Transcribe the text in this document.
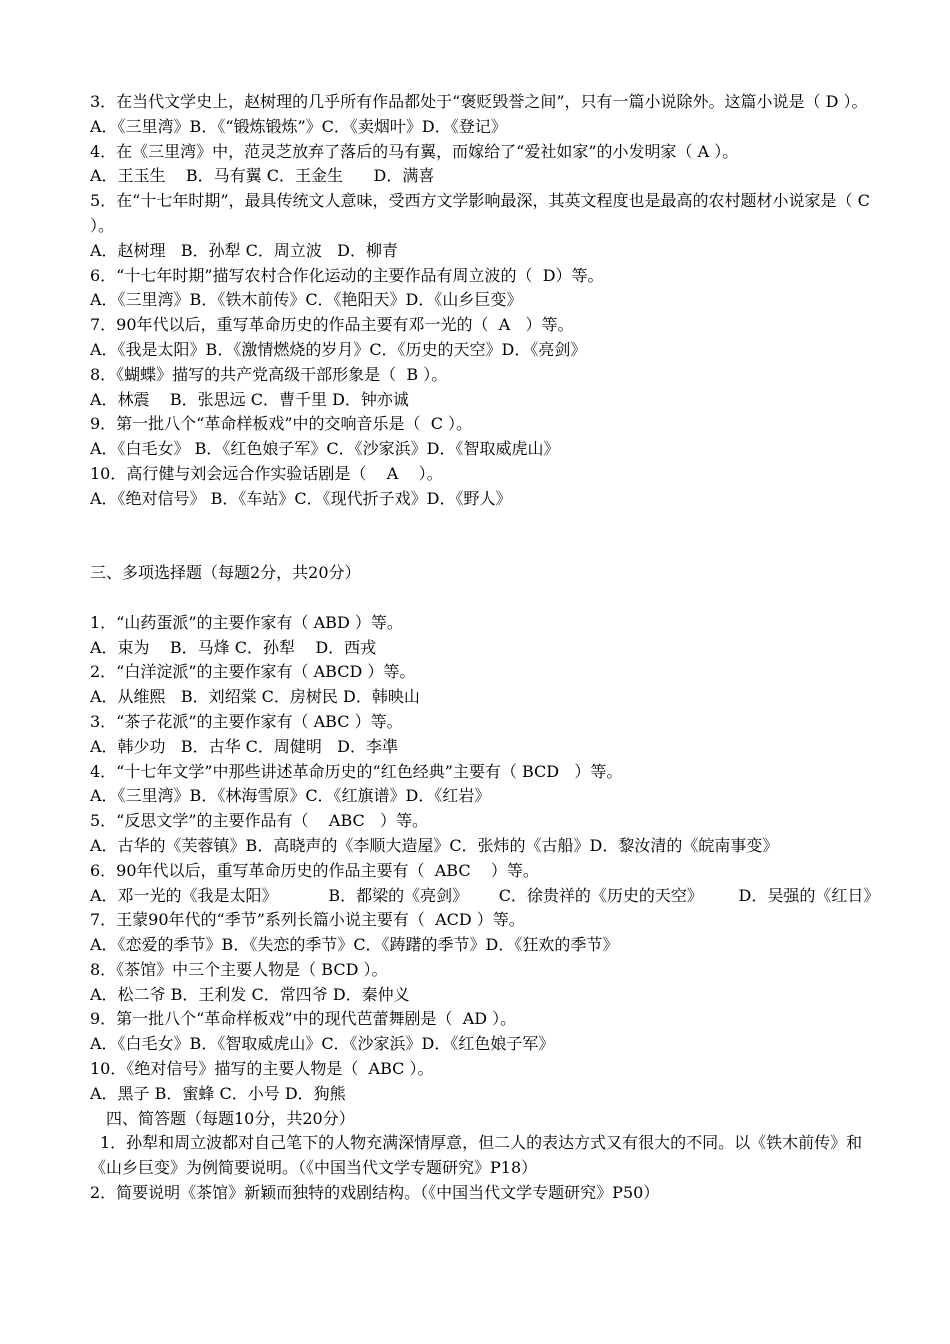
3．在当代文学史上，赵树理的几乎所有作品都处于“褒贬毁誉之间”，只有一篇小说除外。这篇小说是（ D ）。
A．《三里湾》B．《“锻炼锻炼”》C．《卖烟叶》D．《登记》
4．在《三里湾》中，范灵芝放弃了落后的马有翼，而嫁给了“爱社如家”的小发明家（ A ）。
A．王玉生    B．马有翼 C．王金生      D．满喜
5．在“十七年时期”，最具传统文人意味，受西方文学影响最深，其英文程度也是最高的农村题材小说家是（ C   ）。
A．赵树理   B．孙犁 C．周立波   D．柳青
6．“十七年时期”描写农村合作化运动的主要作品有周立波的（  D）等。
A．《三里湾》B．《铁木前传》C．《艳阳天》D．《山乡巨变》
7．90年代以后，重写革命历史的作品主要有邓一光的（  A   ）等。
A．《我是太阳》B．《激情燃烧的岁月》C．《历史的天空》D．《亮剑》
8．《蝴蝶》描写的共产党高级干部形象是（  B ）。
A．林震    B．张思远 C．曹千里 D．钟亦诚
9．第一批八个“革命样板戏”中的交响音乐是（  C ）。
A．《白毛女》 B．《红色娘子军》C．《沙家浜》D．《智取威虎山》
10．高行健与刘会远合作实验话剧是（    A    ）。
A．《绝对信号》 B．《车站》C．《现代折子戏》D．《野人》
三、多项选择题（每题2分，共20分）
1．“山药蛋派”的主要作家有（ ABD ）等。
A．束为    B．马烽 C．孙犁    D．西戎
2．“白洋淀派”的主要作家有（ ABCD ）等。
A．从维熙   B．刘绍棠 C．房树民 D．韩映山
3．“茶子花派”的主要作家有（ ABC ）等。
A．韩少功   B．古华 C．周健明   D．李凖
4．“十七年文学”中那些讲述革命历史的“红色经典”主要有（ BCD   ）等。
A．《三里湾》B．《林海雪原》C．《红旗谱》D．《红岩》
5．“反思文学”的主要作品有（    ABC   ）等。
A．古华的《芙蓉镇》B．高晓声的《李顺大造屋》C．张炜的《古船》D．黎汝清的《皖南事变》
6．90年代以后，重写革命历史的作品主要有（  ABC    ）等。
A．邓一光的《我是太阳》          B．都梁的《亮剑》      C．徐贵祥的《历史的天空》       D．吴强的《红日》
7．王蒙90年代的“季节”系列长篇小说主要有（  ACD ）等。
A．《恋爱的季节》B．《失恋的季节》C．《踌躇的季节》D．《狂欢的季节》
8．《茶馆》中三个主要人物是（ BCD ）。
A．松二爷 B．王利发 C．常四爷 D．秦仲义
9．第一批八个“革命样板戏”中的现代芭蕾舞剧是（  AD ）。
A．《白毛女》B．《智取威虎山》C．《沙家浜》D．《红色娘子军》
10．《绝对信号》描写的主要人物是（  ABC ）。
A．黑子 B．蜜蜂 C．小号 D．狗熊
四、简答题（每题10分，共20分）
1．孙犁和周立波都对自己笔下的人物充满深情厚意，但二人的表达方式又有很大的不同。以《铁木前传》和《山乡巨变》为例简要说明。（《中国当代文学专题研究》P18）
2．简要说明《茶馆》新颖而独特的戏剧结构。（《中国当代文学专题研究》P50）
